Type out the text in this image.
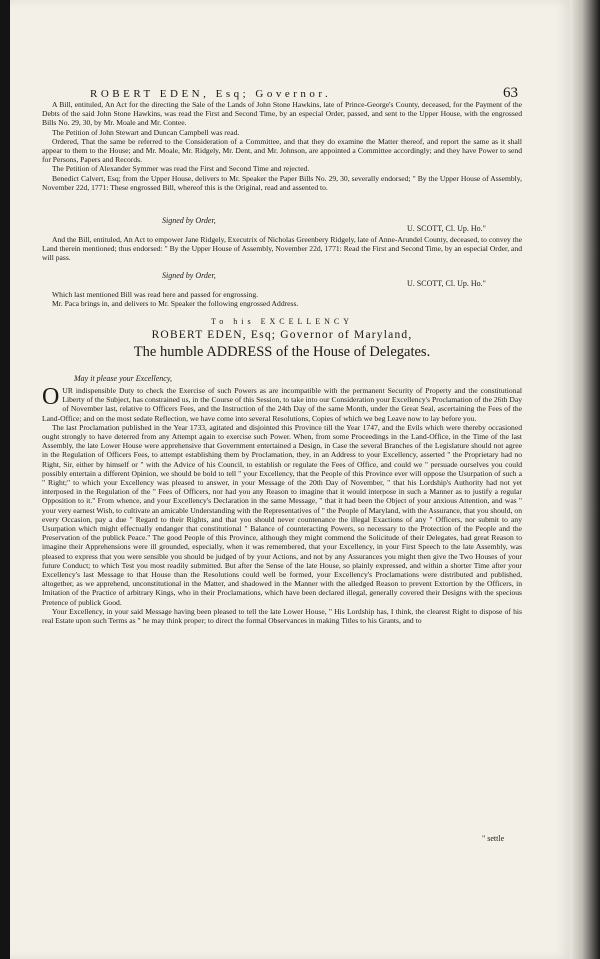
ROBERT EDEN, Esq; Governor.	63

A Bill, entituled, An Act for the directing the Sale of the Lands of John Stone Hawkins, late of Prince-George's County, deceased, for the Payment of the Debts of the said John Stone Hawkins, was read the First and Second Time, by an especial Order, passed, and sent to the Upper House, with the engrossed Bills No. 29, 30, by Mr. Moale and Mr. Contee.

The Petition of John Stewart and Duncan Campbell was read.

Ordered, That the same be referred to the Consideration of a Committee, and that they do examine the Matter thereof, and report the same as it shall appear to them to the House; and Mr. Moale, Mr. Ridgely, Mr. Dent, and Mr. Johnson, are appointed a Committee accordingly; and they have Power to send for Persons, Papers and Records.

The Petition of Alexander Symmer was read the First and Second Time and rejected.

Benedict Calvert, Esq; from the Upper House, delivers to Mr. Speaker the Paper Bills No. 29, 30, severally endorsed; " By the Upper House of Assembly, November 22d, 1771: These engrossed Bill, whereof this is the Original, read and assented to.

Signed by Order,
U. SCOTT, Cl. Up. Ho."

And the Bill, entituled, An Act to empower Jane Ridgely, Executrix of Nicholas Greenbery Ridgely, late of Anne-Arundel County, deceased, to convey the Land therein mentioned; thus endorsed: " By the Upper House of Assembly, November 22d, 1771: Read the First and Second Time, by an especial Order, and will pass.

Signed by Order,
U. SCOTT, Cl. Up. Ho."

Which last mentioned Bill was read here and passed for engrossing.

Mr. Paca brings in, and delivers to Mr. Speaker the following engrossed Address.

To his EXCELLENCY
ROBERT EDEN, Esq; Governor of Maryland,
The humble ADDRESS of the House of Delegates.
May it please your Excellency,

OUR indispensible Duty to check the Exercise of such Powers as are incompatible with the permanent Security of Property and the constitutional Liberty of the Subject, has constrained us, in the Course of this Session, to take into our Consideration your Excellency's Proclamation of the 26th Day of November last, relative to Officers Fees, and the Instruction of the 24th Day of the same Month, under the Great Seal, ascertaining the Fees of the Land-Office; and on the most sedate Reflection, we have come into several Resolutions, Copies of which we beg Leave now to lay before you.

The last Proclamation published in the Year 1733, agitated and disjointed this Province till the Year 1747, and the Evils which were thereby occasioned ought strongly to have deterred from any Attempt again to exercise such Power. When, from some Proceedings in the Land-Office, in the Time of the last Assembly, the late Lower House were apprehensive that Government entertained a Design, in Case the several Branches of the Legislature should not agree in the Regulation of Officers Fees, to attempt establishing them by Proclamation, they, in an Address to your Excellency, asserted " the Proprietary had no Right, Sir, either by himself or " with the Advice of his Council, to establish or regulate the Fees of Office, and could we " persuade ourselves you could possibly entertain a different Opinion, we should be bold to tell " your Excellency, that the People of this Province ever will oppose the Usurpation of such a " Right;" to which your Excellency was pleased to answer, in your Message of the 20th Day of November, " that his Lordship's Authority had not yet interposed in the Regulation of the " Fees of Officers, nor had you any Reason to imagine that it would interpose in such a Manner as to justify a regular Opposition to it." From whence, and your Excellency's Declaration in the same Message, " that it had been the Object of your anxious Attention, and was " your very earnest Wish, to cultivate an amicable Understanding with the Representatives of " the People of Maryland, with the Assurance, that you should, on every Occasion, pay a due " Regard to their Rights, and that you should never countenance the illegal Exactions of any " Officers, nor submit to any Usurpation which might effectually endanger that constitutional " Balance of counteracting Powers, so necessary to the Protection of the People and the Preservation of the publick Peace." The good People of this Province, although they might commend the Solicitude of their Delegates, had great Reason to imagine their Apprehensions were ill grounded, especially, when it was remembered, that your Excellency, in your First Speech to the late Assembly, was pleased to express that you were sensible you should be judged of by your Actions, and not by any Assurances you might then give the Two Houses of your future Conduct; to which Test you most readily submitted. But after the Sense of the late House, so plainly expressed, and within a shorter Time after your Excellency's last Message to that House than the Resolutions could well be formed, your Excellency's Proclamations were distributed and published, altogether, as we apprehend, unconstitutional in the Matter, and shadowed in the Manner with the alledged Reason to prevent Extortion by the Officers, in Imitation of the Practice of arbitrary Kings, who in their Proclamations, which have been declared illegal, generally covered their Designs with the specious Pretence of publick Good.

Your Excellency, in your said Message having been pleased to tell the late Lower House, " His Lordship has, I think, the clearest Right to dispose of his real Estate upon such Terms as " he may think proper; to direct the formal Observances in making Titles to his Grants, and to

" settle
